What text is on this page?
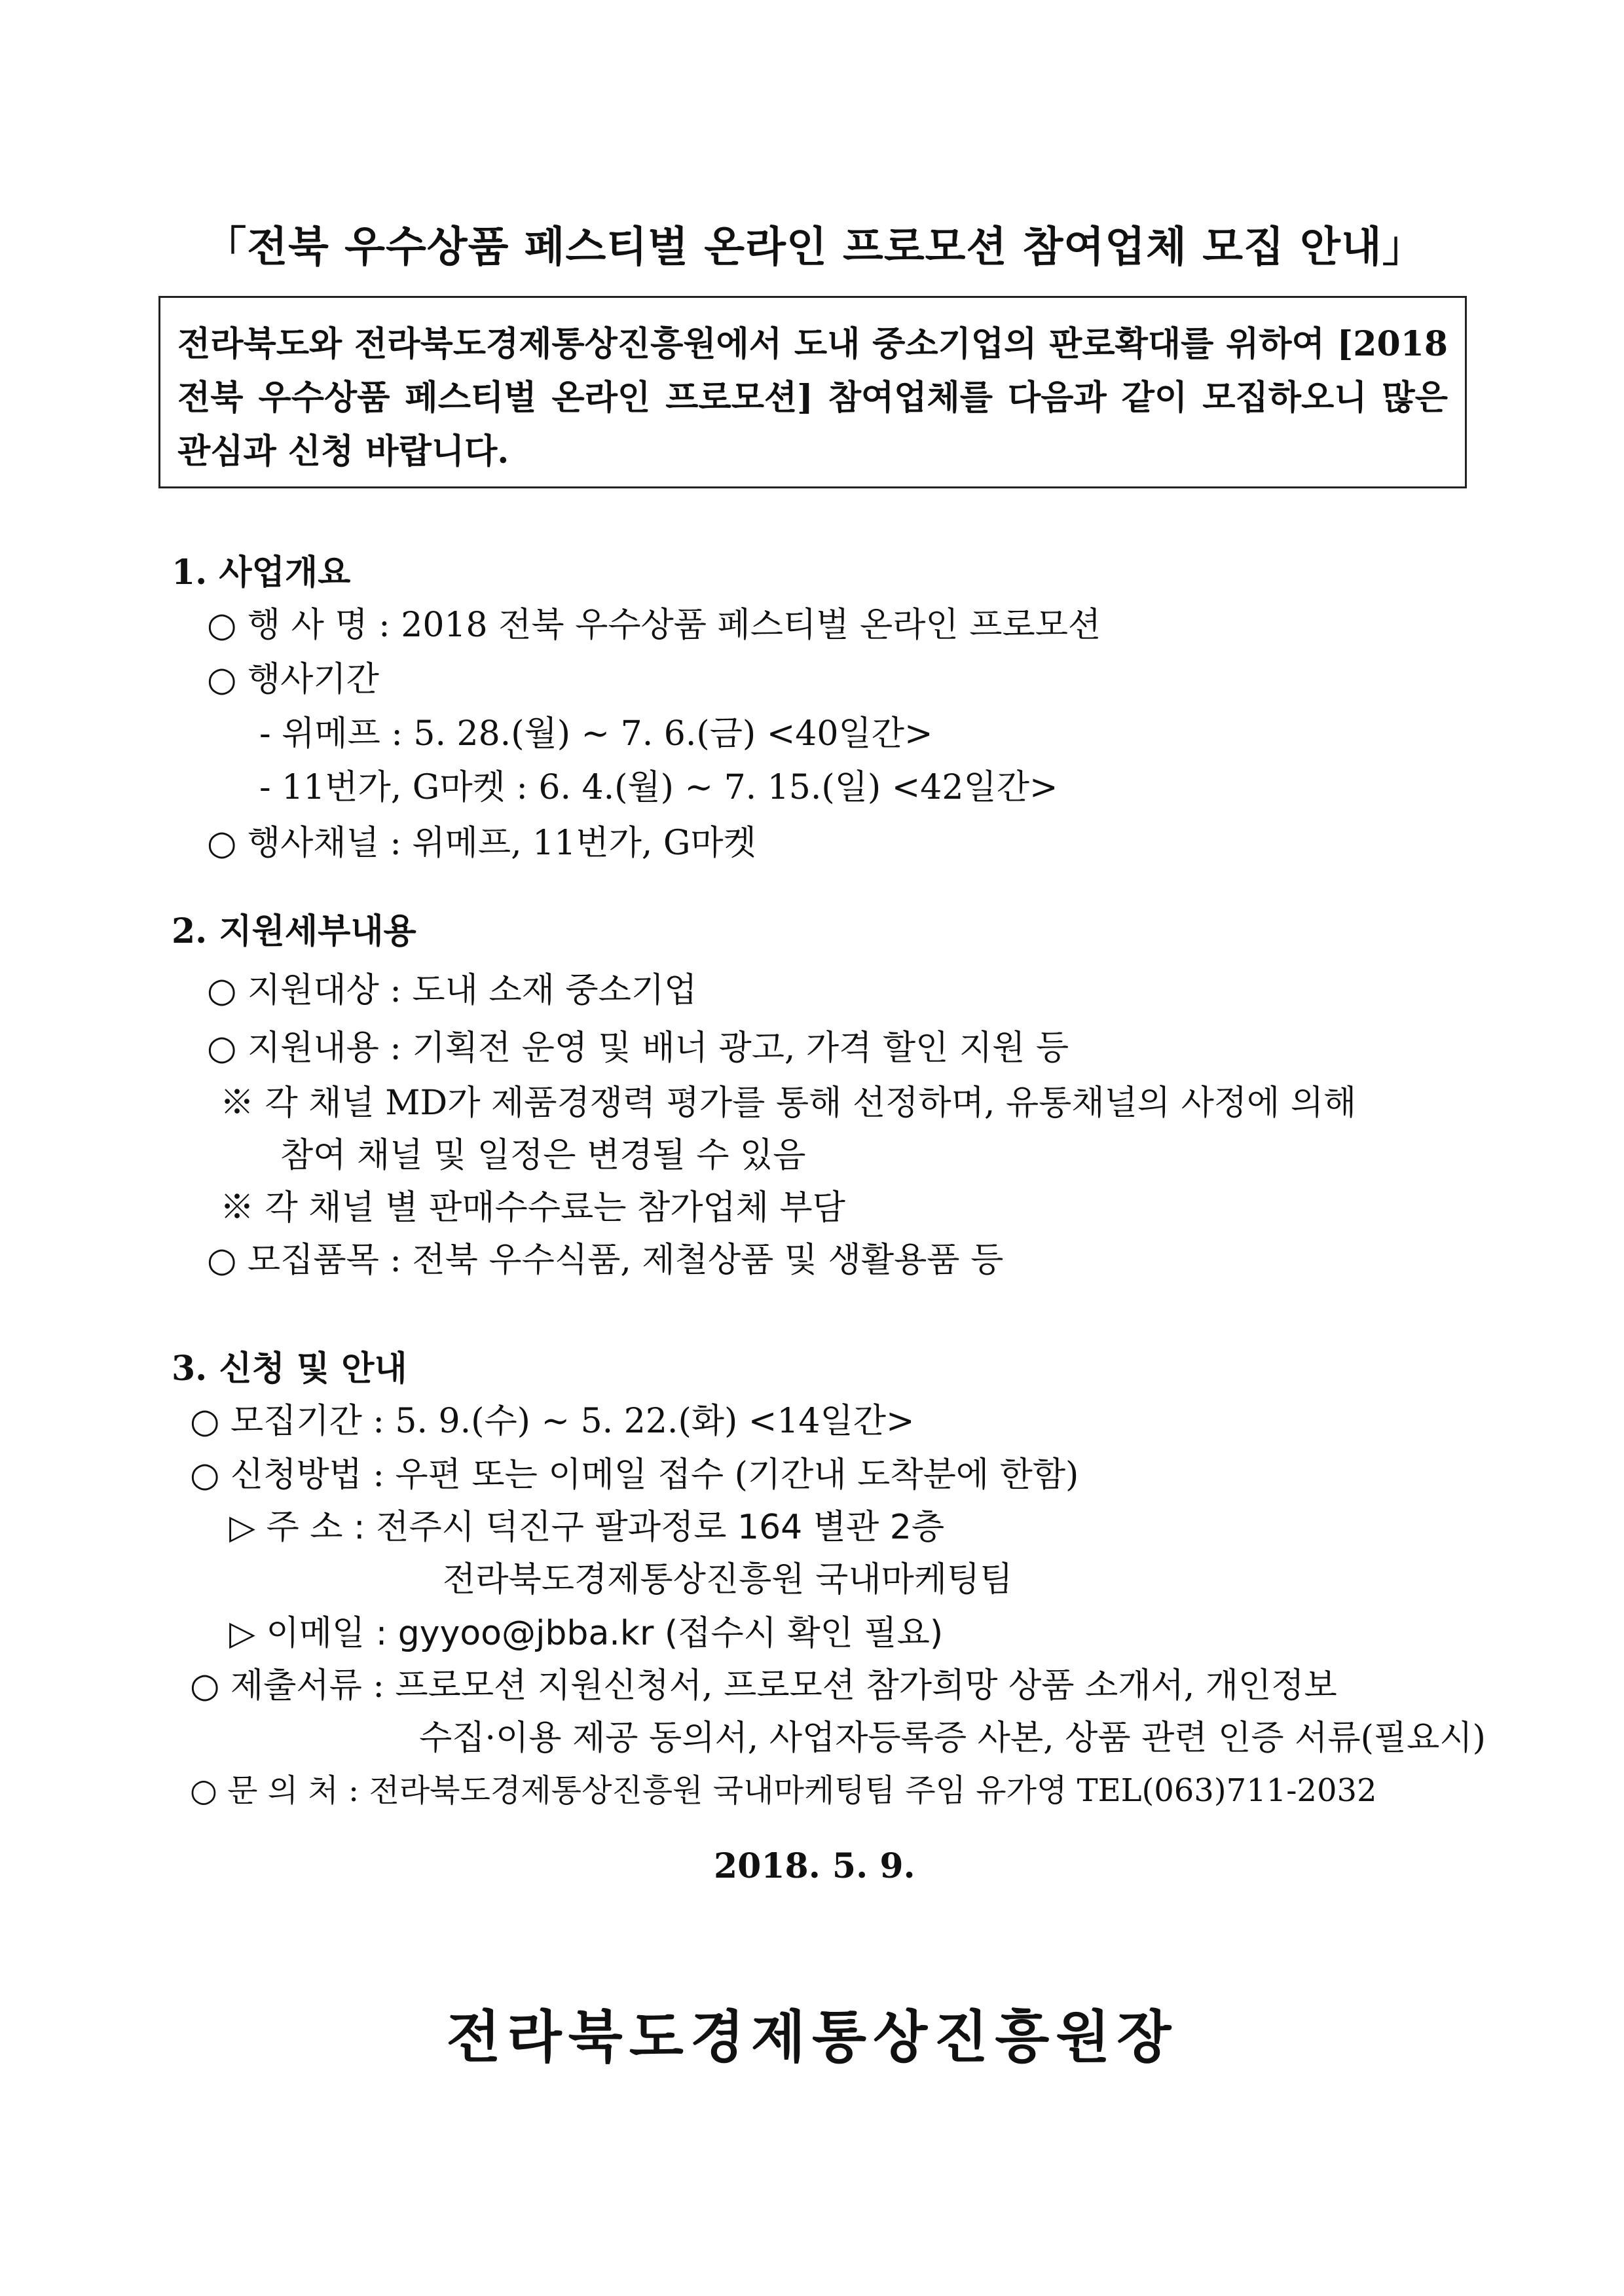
「전북 우수상품 페스티벌 온라인 프로모션 참여업체 모집 안내」
전라북도와 전라북도경제통상진흥원에서 도내 중소기업의 판로확대를 위하여 [2018 전북 우수상품 페스티벌 온라인 프로모션] 참여업체를 다음과 같이 모집하오니 많은 관심과 신청 바랍니다.
1. 사업개요
○ 행 사 명 : 2018 전북 우수상품 페스티벌 온라인 프로모션
○ 행사기간
- 위메프 : 5. 28.(월) ~ 7. 6.(금) <40일간>
- 11번가, G마켓 : 6. 4.(월) ~ 7. 15.(일) <42일간>
○ 행사채널 : 위메프, 11번가, G마켓
2. 지원세부내용
○ 지원대상 : 도내 소재 중소기업
○ 지원내용 : 기획전 운영 및 배너 광고, 가격 할인 지원 등
※ 각 채널 MD가 제품경쟁력 평가를 통해 선정하며, 유통채널의 사정에 의해
참여 채널 및 일정은 변경될 수 있음
※ 각 채널 별 판매수수료는 참가업체 부담
○ 모집품목 : 전북 우수식품, 제철상품 및 생활용품 등
3. 신청 및 안내
○ 모집기간 : 5. 9.(수) ~ 5. 22.(화) <14일간>
○ 신청방법 : 우편 또는 이메일 접수 (기간내 도착분에 한함)
▷ 주 소 : 전주시 덕진구 팔과정로 164 별관 2층
전라북도경제통상진흥원 국내마케팅팀
▷ 이메일 : gyyoo@jbba.kr (접수시 확인 필요)
○ 제출서류 : 프로모션 지원신청서, 프로모션 참가희망 상품 소개서, 개인정보
수집·이용 제공 동의서, 사업자등록증 사본, 상품 관련 인증 서류(필요시)
○ 문 의 처 : 전라북도경제통상진흥원 국내마케팅팀 주임 유가영 TEL(063)711-2032
2018. 5. 9.
전라북도경제통상진흥원장
